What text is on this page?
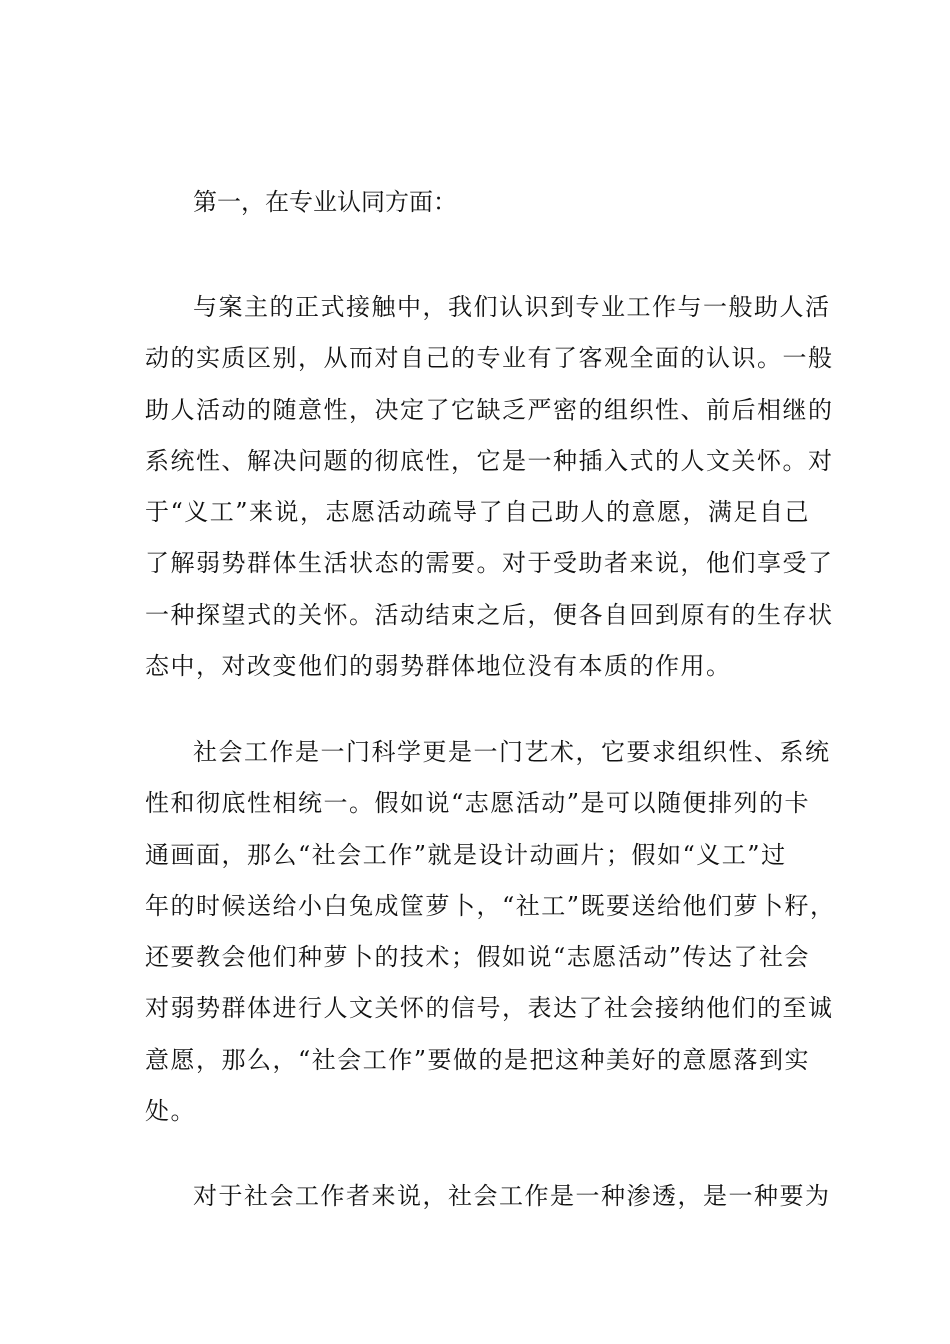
第一，在专业认同方面：
与案主的正式接触中，我们认识到专业工作与一般助人活
动的实质区别，从而对自己的专业有了客观全面的认识。一般
助人活动的随意性，决定了它缺乏严密的组织性、前后相继的
系统性、解决问题的彻底性，它是一种插入式的人文关怀。对
于“义工”来说，志愿活动疏导了自己助人的意愿，满足自己
了解弱势群体生活状态的需要。对于受助者来说，他们享受了
一种探望式的关怀。活动结束之后，便各自回到原有的生存状
态中，对改变他们的弱势群体地位没有本质的作用。
社会工作是一门科学更是一门艺术，它要求组织性、系统
性和彻底性相统一。假如说“志愿活动”是可以随便排列的卡
通画面，那么“社会工作”就是设计动画片；假如“义工”过
年的时候送给小白兔成筐萝卜，“社工”既要送给他们萝卜籽，
还要教会他们种萝卜的技术；假如说“志愿活动”传达了社会
对弱势群体进行人文关怀的信号，表达了社会接纳他们的至诚
意愿，那么，“社会工作”要做的是把这种美好的意愿落到实
处。
对于社会工作者来说，社会工作是一种渗透，是一种要为
